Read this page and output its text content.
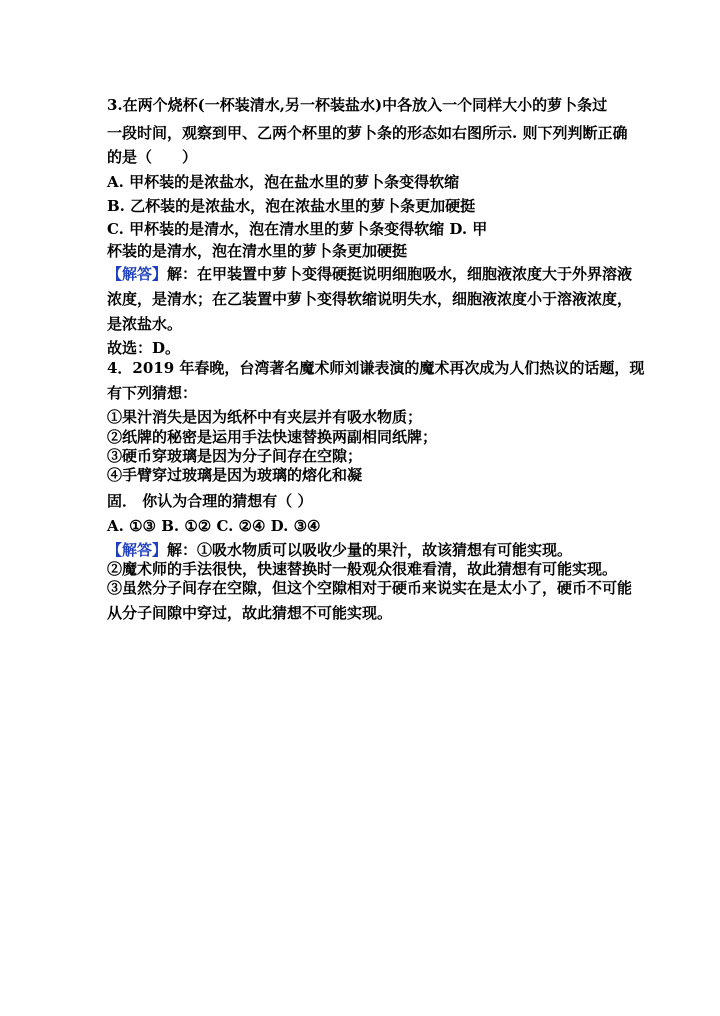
3.在两个烧杯(一杯装清水,另一杯装盐水)中各放入一个同样大小的萝卜条过
一段时间，观察到甲、乙两个杯里的萝卜条的形态如右图所示. 则下列判断正确
的是（　　）
A. 甲杯装的是浓盐水，泡在盐水里的萝卜条变得软缩
B. 乙杯装的是浓盐水，泡在浓盐水里的萝卜条更加硬挺
C. 甲杯装的是清水，泡在清水里的萝卜条变得软缩 D. 甲
杯装的是清水，泡在清水里的萝卜条更加硬挺
【解答】解：在甲装置中萝卜变得硬挺说明细胞吸水，细胞液浓度大于外界溶液
浓度，是清水；在乙装置中萝卜变得软缩说明失水，细胞液浓度小于溶液浓度，
是浓盐水。
故选：D。
4．2019 年春晚，台湾著名魔术师刘谦表演的魔术再次成为人们热议的话题，现
有下列猜想：
①果汁消失是因为纸杯中有夹层并有吸水物质；
②纸牌的秘密是运用手法快速替换两副相同纸牌；
③硬币穿玻璃是因为分子间存在空隙；
④手臂穿过玻璃是因为玻璃的熔化和凝
固． 你认为合理的猜想有（ ）
A. ①③ B. ①② C. ②④ D. ③④
【解答】解：①吸水物质可以吸收少量的果汁，故该猜想有可能实现。
②魔术师的手法很快，快速替换时一般观众很难看清，故此猜想有可能实现。
③虽然分子间存在空隙，但这个空隙相对于硬币来说实在是太小了，硬币不可能
从分子间隙中穿过，故此猜想不可能实现。
